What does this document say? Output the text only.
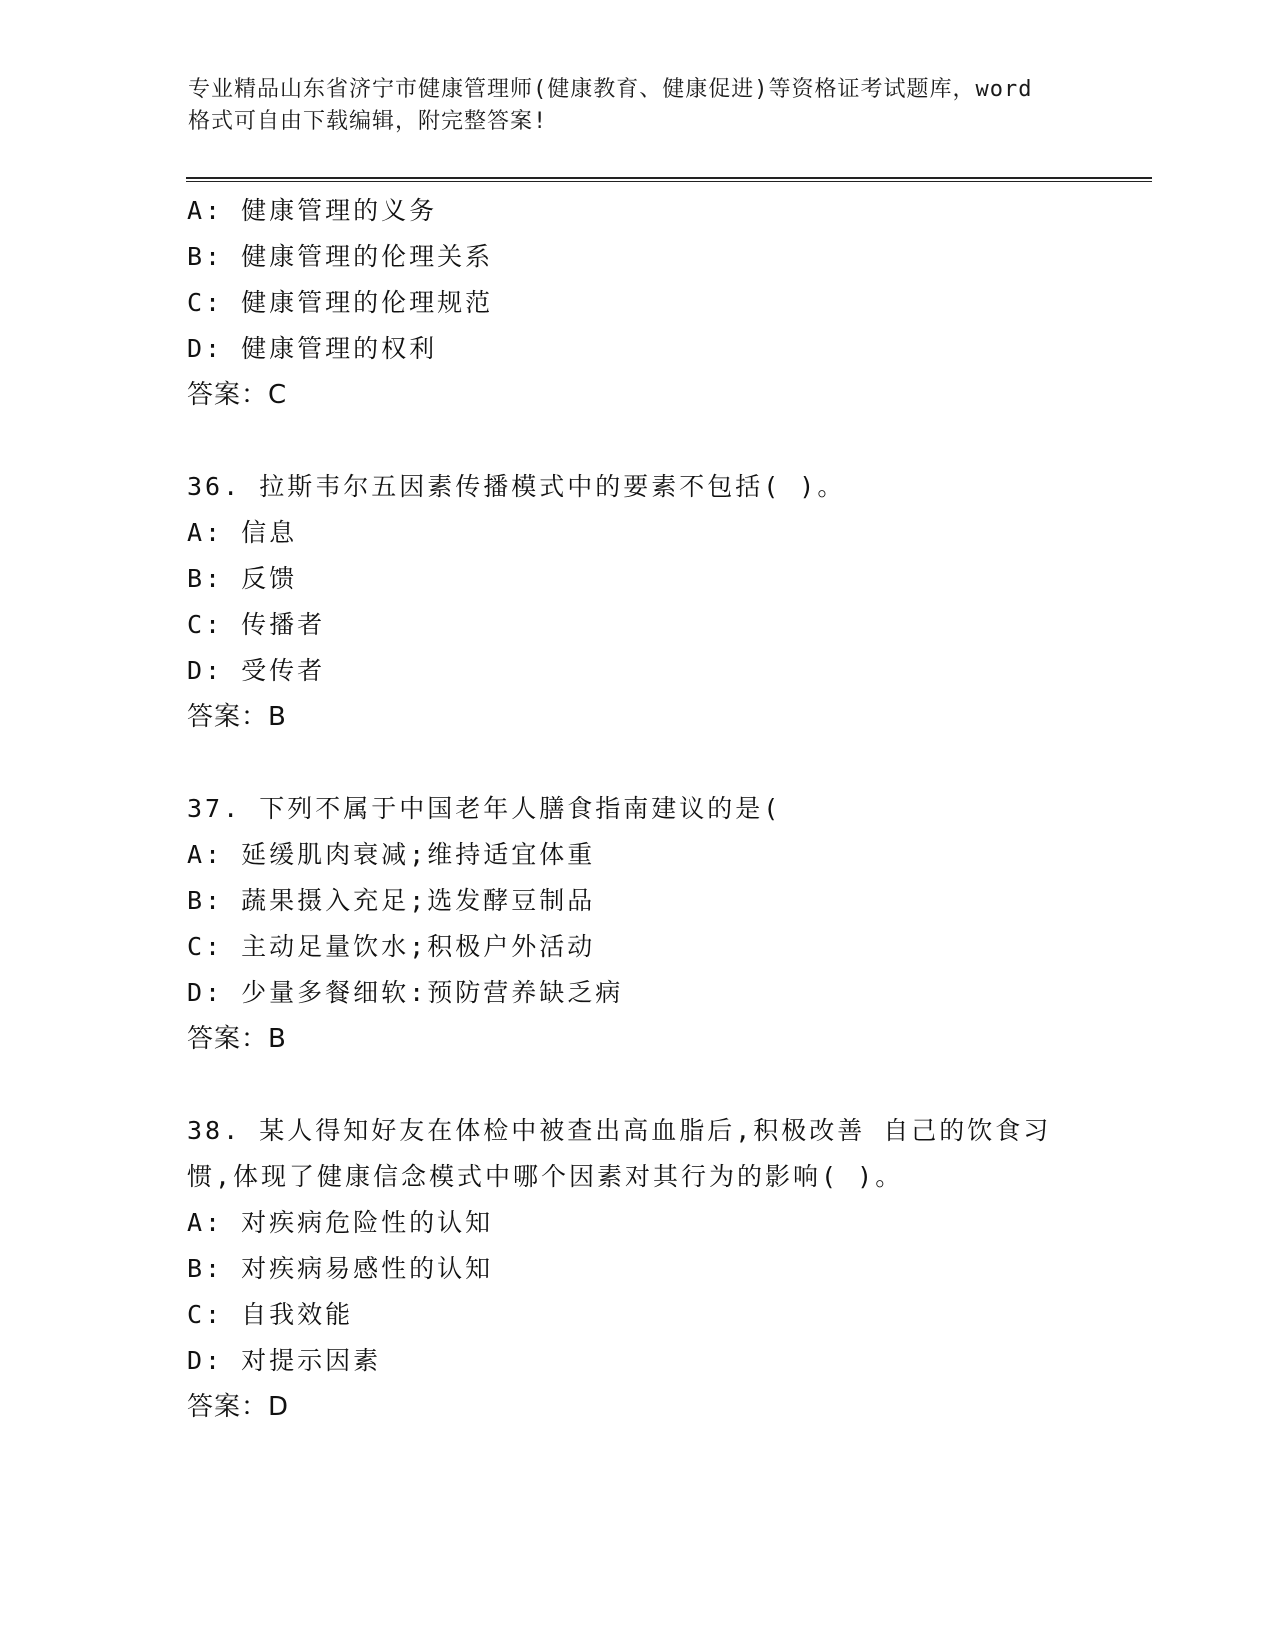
专业精品山东省济宁市健康管理师(健康教育、健康促进)等资格证考试题库，word
格式可自由下载编辑，附完整答案!
A: 健康管理的义务
B: 健康管理的伦理关系
C: 健康管理的伦理规范
D: 健康管理的权利
答案：C
36. 拉斯韦尔五因素传播模式中的要素不包括( )。
A: 信息
B: 反馈
C: 传播者
D: 受传者
答案：B
37. 下列不属于中国老年人膳食指南建议的是(
A: 延缓肌肉衰减;维持适宜体重
B: 蔬果摄入充足;选发酵豆制品
C: 主动足量饮水;积极户外活动
D: 少量多餐细软:预防营养缺乏病
答案：B
38. 某人得知好友在体检中被查出高血脂后,积极改善 自己的饮食习
惯,体现了健康信念模式中哪个因素对其行为的影响( )。
A: 对疾病危险性的认知
B: 对疾病易感性的认知
C: 自我效能
D: 对提示因素
答案：D
